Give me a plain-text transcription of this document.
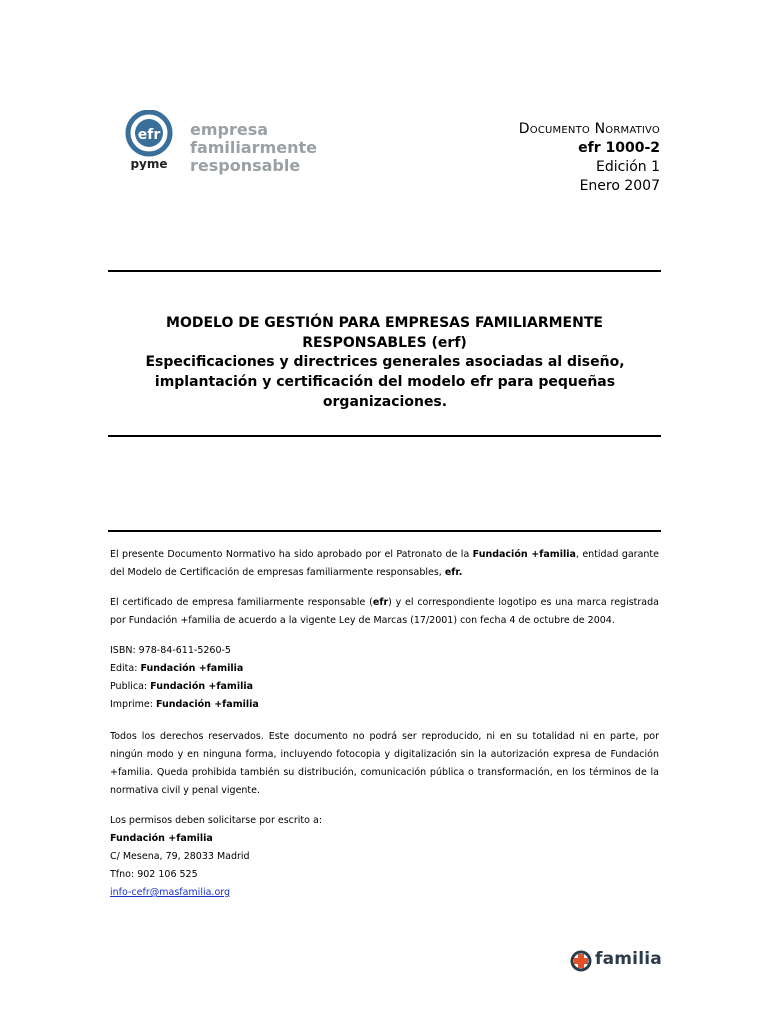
efr
pyme
empresa
familiarmente
responsable
Documento Normativo
efr 1000-2
Edición 1
Enero 2007
MODELO DE GESTIÓN PARA EMPRESAS FAMILIARMENTE RESPONSABLES (erf)
Especificaciones y directrices generales asociadas al diseño, implantación y certificación del modelo efr para pequeñas organizaciones.

El presente Documento Normativo ha sido aprobado por el Patronato de la Fundación +familia, entidad garante del Modelo de Certificación de empresas familiarmente responsables, efr.

El certificado de empresa familiarmente responsable (efr) y el correspondiente logotipo es una marca registrada por Fundación +familia de acuerdo a la vigente Ley de Marcas (17/2001) con fecha 4 de octubre de 2004.

ISBN: 978-84-611-5260-5
Edita: Fundación +familia
Publica: Fundación +familia
Imprime: Fundación +familia

Todos los derechos reservados. Este documento no podrá ser reproducido, ni en su totalidad ni en parte, por ningún modo y en ninguna forma, incluyendo fotocopia y digitalización sin la autorización expresa de Fundación +familia. Queda prohibida también su distribución, comunicación pública o transformación, en los términos de la normativa civil y penal vigente.

Los permisos deben solicitarse por escrito a:
Fundación +familia
C/ Mesena, 79, 28033 Madrid
Tfno: 902 106 525
info-cefr@masfamilia.org
familia
